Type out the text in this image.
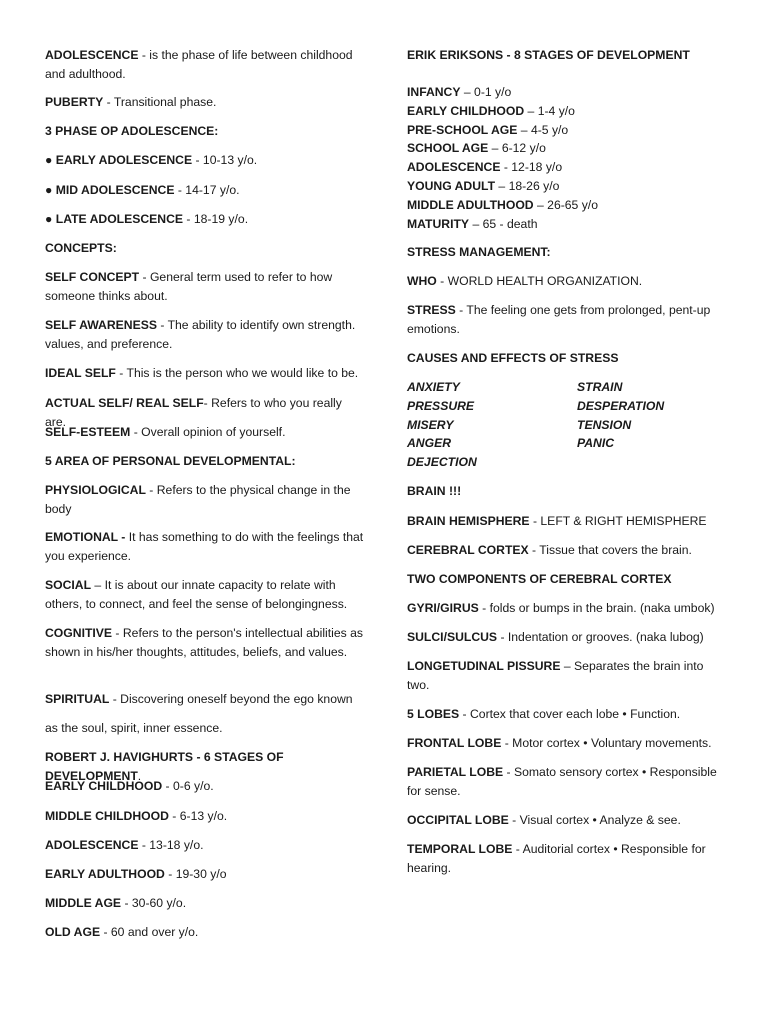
ADOLESCENCE - is the phase of life between childhood and adulthood.

PUBERTY - Transitional phase.

3 PHASE OP ADOLESCENCE:

● EARLY ADOLESCENCE - 10-13 y/o.

● MID ADOLESCENCE - 14-17 y/o.

● LATE ADOLESCENCE - 18-19 y/o.

CONCEPTS:

SELF CONCEPT - General term used to refer to how someone thinks about.

SELF AWARENESS - The ability to identify own strength. values, and preference.

IDEAL SELF - This is the person who we would like to be.

ACTUAL SELF/ REAL SELF- Refers to who you really are.

SELF-ESTEEM - Overall opinion of yourself.

5 AREA OF PERSONAL DEVELOPMENTAL:

PHYSIOLOGICAL - Refers to the physical change in the body

EMOTIONAL - It has something to do with the feelings that you experience.

SOCIAL – It is about our innate capacity to relate with others, to connect, and feel the sense of belongingness.

COGNITIVE - Refers to the person's intellectual abilities as shown in his/her thoughts, attitudes, beliefs, and values.

SPIRITUAL - Discovering oneself beyond the ego known

as the soul, spirit, inner essence.

ROBERT J. HAVIGHURTS - 6 STAGES OF DEVELOPMENT.

EARLY CHILDHOOD - 0-6 y/o.

MIDDLE CHILDHOOD - 6-13 y/o.

ADOLESCENCE - 13-18 y/o.

EARLY ADULTHOOD - 19-30 y/o

MIDDLE AGE - 30-60 y/o.

OLD AGE - 60 and over y/o.

ERIK ERIKSONS - 8 STAGES OF DEVELOPMENT

INFANCY – 0-1 y/o
EARLY CHILDHOOD – 1-4 y/o
PRE-SCHOOL AGE – 4-5 y/o
SCHOOL AGE – 6-12 y/o
ADOLESCENCE - 12-18 y/o
YOUNG ADULT – 18-26 y/o
MIDDLE ADULTHOOD – 26-65 y/o
MATURITY – 65 - death

STRESS MANAGEMENT:

WHO - WORLD HEALTH ORGANIZATION.

STRESS - The feeling one gets from prolonged, pent-up emotions.

CAUSES AND EFFECTS OF STRESS

ANXIETY
PRESSURE
MISERY
ANGER
DEJECTION
STRAIN
DESPERATION
TENSION
PANIC

BRAIN !!!

BRAIN HEMISPHERE - LEFT & RIGHT HEMISPHERE

CEREBRAL CORTEX - Tissue that covers the brain.

TWO COMPONENTS OF CEREBRAL CORTEX

GYRI/GIRUS - folds or bumps in the brain. (naka umbok)

SULCI/SULCUS - Indentation or grooves. (naka lubog)

LONGETUDINAL PISSURE – Separates the brain into two.

5 LOBES - Cortex that cover each lobe • Function.

FRONTAL LOBE - Motor cortex • Voluntary movements.

PARIETAL LOBE - Somato sensory cortex • Responsible for sense.

OCCIPITAL LOBE - Visual cortex • Analyze & see.

TEMPORAL LOBE - Auditorial cortex • Responsible for hearing.
